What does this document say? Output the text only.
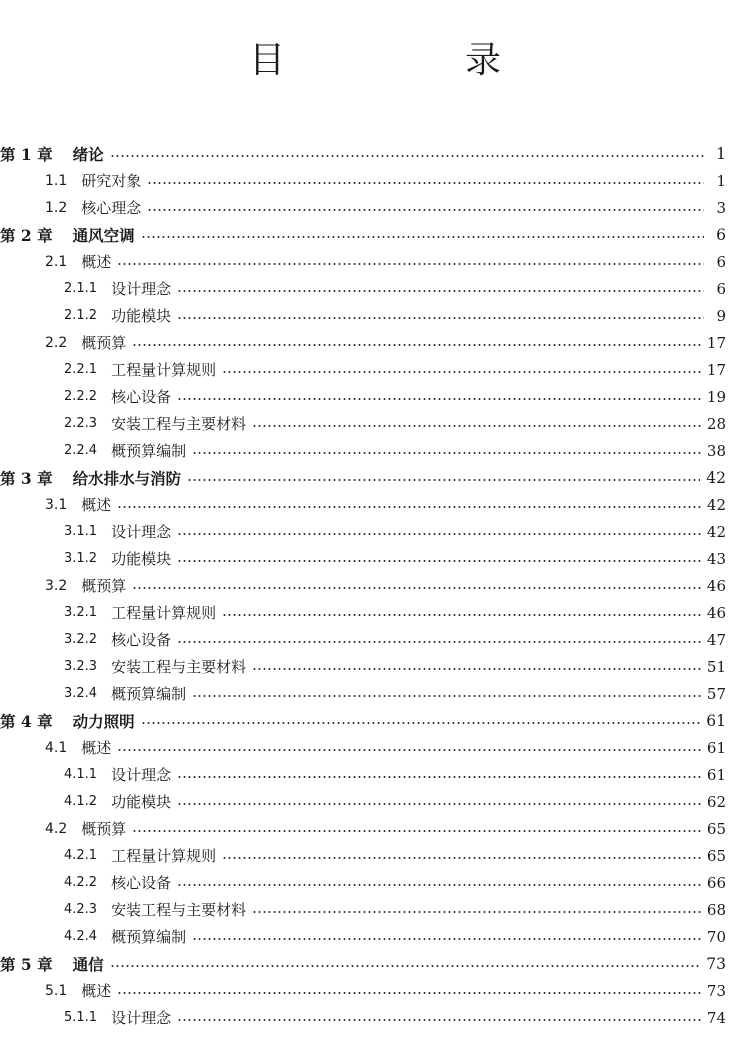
目　录
第 1 章 绪论	1
1.1 研究对象	1
1.2 核心理念	3
第 2 章 通风空调	6
2.1 概述	6
2.1.1 设计理念	6
2.1.2 功能模块	9
2.2 概预算	17
2.2.1 工程量计算规则	17
2.2.2 核心设备	19
2.2.3 安装工程与主要材料	28
2.2.4 概预算编制	38
第 3 章 给水排水与消防	42
3.1 概述	42
3.1.1 设计理念	42
3.1.2 功能模块	43
3.2 概预算	46
3.2.1 工程量计算规则	46
3.2.2 核心设备	47
3.2.3 安装工程与主要材料	51
3.2.4 概预算编制	57
第 4 章 动力照明	61
4.1 概述	61
4.1.1 设计理念	61
4.1.2 功能模块	62
4.2 概预算	65
4.2.1 工程量计算规则	65
4.2.2 核心设备	66
4.2.3 安装工程与主要材料	68
4.2.4 概预算编制	70
第 5 章 通信	73
5.1 概述	73
5.1.1 设计理念	74
